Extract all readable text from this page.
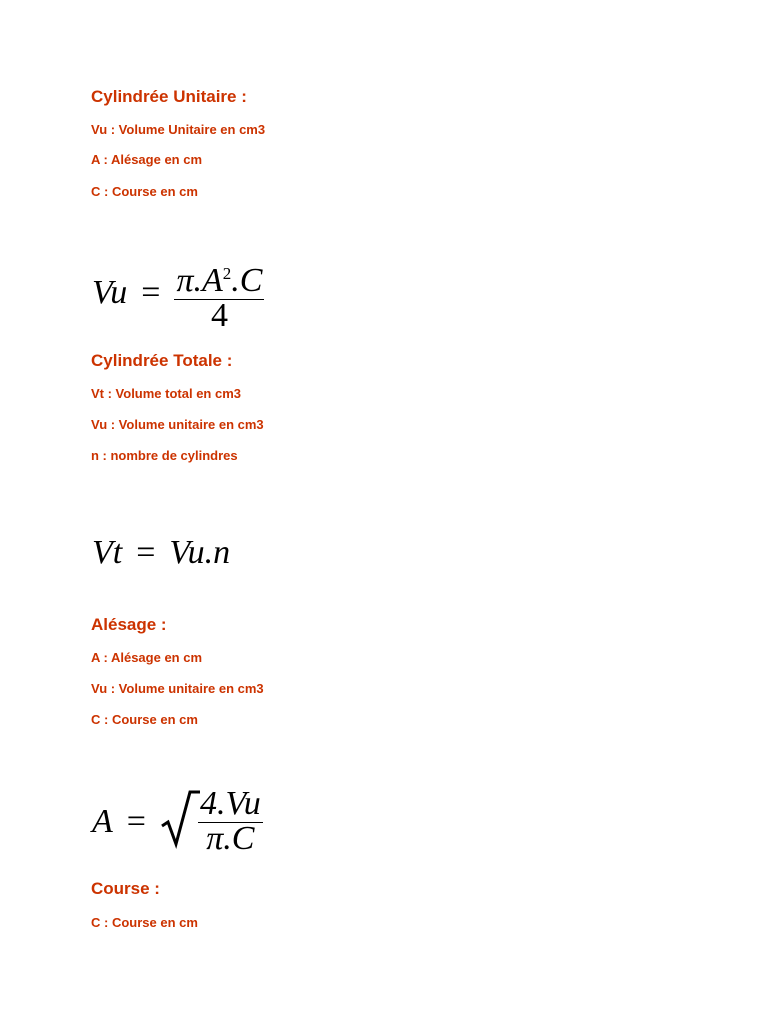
Cylindrée Unitaire :

Vu : Volume Unitaire en cm3

A : Alésage en cm

C : Course en cm

$Vu = \frac{\pi.A^2.C}{4}$
Cylindrée Totale :

Vt : Volume total en cm3

Vu : Volume unitaire en cm3

n : nombre de cylindres

Vt = Vu.n
Alésage :

A : Alésage en cm

Vu : Volume unitaire en cm3

C : Course en cm

$A = \frac{4.Vu}{\pi.C}$
Course :

C : Course en cm
